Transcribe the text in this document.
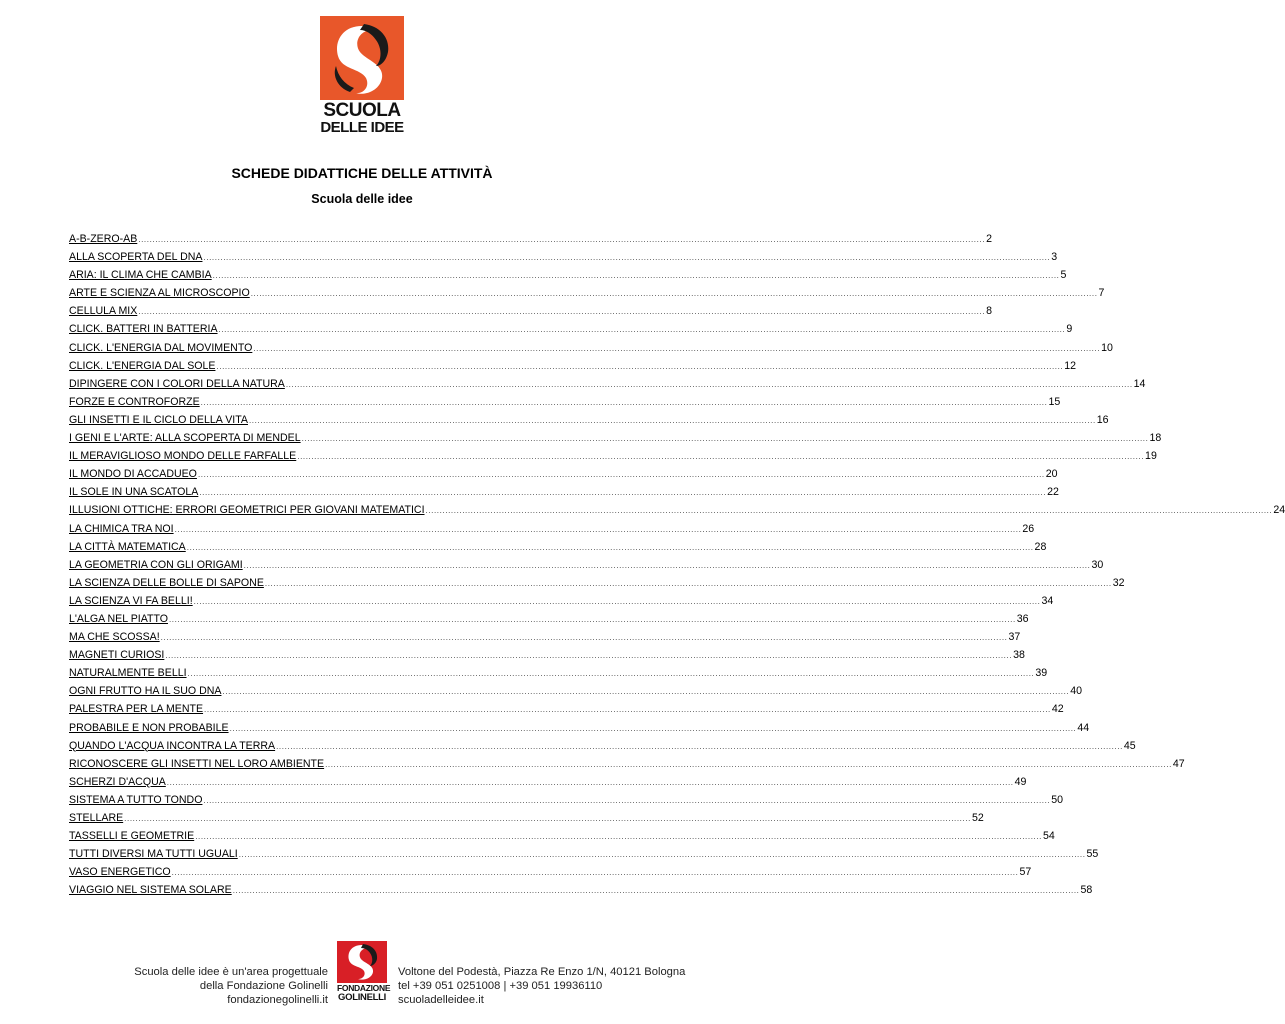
SCUOLA
DELLE IDEE
SCHEDE DIDATTICHE DELLE ATTIVITÀ
Scuola delle idee
A-B-ZERO-AB ............................................................................................................................................................................................................................................................................................................ 2
ALLA SCOPERTA DEL DNA ............................................................................................................................................................................................................................................................................................................ 3
ARIA: IL CLIMA CHE CAMBIA ............................................................................................................................................................................................................................................................................................................ 5
ARTE E SCIENZA AL MICROSCOPIO ............................................................................................................................................................................................................................................................................................................ 7
CELLULA MIX ............................................................................................................................................................................................................................................................................................................ 8
CLICK. BATTERI IN BATTERIA ............................................................................................................................................................................................................................................................................................................ 9
CLICK. L'ENERGIA DAL MOVIMENTO ............................................................................................................................................................................................................................................................................................................ 10
CLICK. L'ENERGIA DAL SOLE ............................................................................................................................................................................................................................................................................................................ 12
DIPINGERE CON I COLORI DELLA NATURA ............................................................................................................................................................................................................................................................................................................ 14
FORZE E CONTROFORZE ............................................................................................................................................................................................................................................................................................................ 15
GLI INSETTI E IL CICLO DELLA VITA ............................................................................................................................................................................................................................................................................................................ 16
I GENI E L'ARTE: ALLA SCOPERTA DI MENDEL ............................................................................................................................................................................................................................................................................................................ 18
IL MERAVIGLIOSO MONDO DELLE FARFALLE ............................................................................................................................................................................................................................................................................................................ 19
IL MONDO DI ACCADUEO ............................................................................................................................................................................................................................................................................................................ 20
IL SOLE IN UNA SCATOLA ............................................................................................................................................................................................................................................................................................................ 22
ILLUSIONI OTTICHE: ERRORI GEOMETRICI PER GIOVANI MATEMATICI ............................................................................................................................................................................................................................................................................................................ 24
LA CHIMICA TRA NOI ............................................................................................................................................................................................................................................................................................................ 26
LA CITTÀ MATEMATICA ............................................................................................................................................................................................................................................................................................................ 28
LA GEOMETRIA CON GLI ORIGAMI ............................................................................................................................................................................................................................................................................................................ 30
LA SCIENZA DELLE BOLLE DI SAPONE ............................................................................................................................................................................................................................................................................................................ 32
LA SCIENZA VI FA BELLI! ............................................................................................................................................................................................................................................................................................................ 34
L'ALGA NEL PIATTO ............................................................................................................................................................................................................................................................................................................ 36
MA CHE SCOSSA! ............................................................................................................................................................................................................................................................................................................ 37
MAGNETI CURIOSI ............................................................................................................................................................................................................................................................................................................ 38
NATURALMENTE BELLI ............................................................................................................................................................................................................................................................................................................ 39
OGNI FRUTTO HA IL SUO DNA ............................................................................................................................................................................................................................................................................................................ 40
PALESTRA PER LA MENTE ............................................................................................................................................................................................................................................................................................................ 42
PROBABILE E NON PROBABILE ............................................................................................................................................................................................................................................................................................................ 44
QUANDO L'ACQUA INCONTRA LA TERRA ............................................................................................................................................................................................................................................................................................................ 45
RICONOSCERE GLI INSETTI NEL LORO AMBIENTE ............................................................................................................................................................................................................................................................................................................ 47
SCHERZI D'ACQUA ............................................................................................................................................................................................................................................................................................................ 49
SISTEMA A TUTTO TONDO ............................................................................................................................................................................................................................................................................................................ 50
STELLARE ............................................................................................................................................................................................................................................................................................................ 52
TASSELLI E GEOMETRIE ............................................................................................................................................................................................................................................................................................................ 54
TUTTI DIVERSI MA TUTTI UGUALI ............................................................................................................................................................................................................................................................................................................ 55
VASO ENERGETICO ............................................................................................................................................................................................................................................................................................................ 57
VIAGGIO NEL SISTEMA SOLARE ............................................................................................................................................................................................................................................................................................................ 58
Scuola delle idee è un'area progettuale
della Fondazione Golinelli
fondazionegolinelli.it
FONDAZIONE
GOLINELLI
Voltone del Podestà, Piazza Re Enzo 1/N, 40121 Bologna
tel +39 051 0251008 | +39 051 19936110
scuoladelleidee.it
